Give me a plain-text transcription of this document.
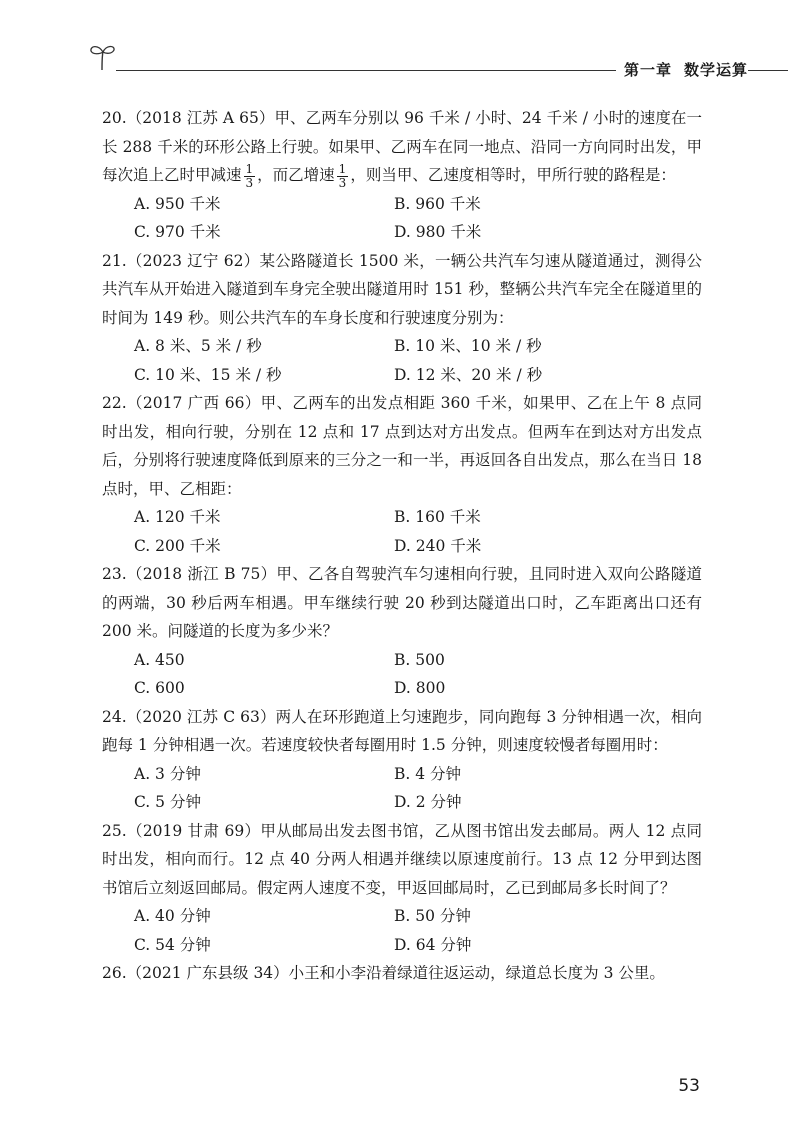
第一章 数学运算

20.（2018 江苏 A 65）甲、乙两车分别以 96 千米 / 小时、24 千米 / 小时的速度在一长 288 千米的环形公路上行驶。如果甲、乙两车在同一地点、沿同一方向同时出发，甲每次追上乙时甲减速 $\frac{1}{3}$ ，而乙增速 $\frac{1}{3}$ ，则当甲、乙速度相等时，甲所行驶的路程是：

A. 950 千米	B. 960 千米
C. 970 千米	D. 980 千米

21.（2023 辽宁 62）某公路隧道长 1500 米，一辆公共汽车匀速从隧道通过，测得公共汽车从开始进入隧道到车身完全驶出隧道用时 151 秒，整辆公共汽车完全在隧道里的时间为 149 秒。则公共汽车的车身长度和行驶速度分别为：

A. 8 米、5 米 / 秒	B. 10 米、10 米 / 秒
C. 10 米、15 米 / 秒	D. 12 米、20 米 / 秒

22.（2017 广西 66）甲、乙两车的出发点相距 360 千米，如果甲、乙在上午 8 点同时出发，相向行驶，分别在 12 点和 17 点到达对方出发点。但两车在到达对方出发点后，分别将行驶速度降低到原来的三分之一和一半，再返回各自出发点，那么在当日 18 点时，甲、乙相距：

A. 120 千米	B. 160 千米
C. 200 千米	D. 240 千米

23.（2018 浙江 B 75）甲、乙各自驾驶汽车匀速相向行驶，且同时进入双向公路隧道的两端，30 秒后两车相遇。甲车继续行驶 20 秒到达隧道出口时，乙车距离出口还有 200 米。问隧道的长度为多少米？

A. 450	B. 500
C. 600	D. 800

24.（2020 江苏 C 63）两人在环形跑道上匀速跑步，同向跑每 3 分钟相遇一次，相向跑每 1 分钟相遇一次。若速度较快者每圈用时 1.5 分钟，则速度较慢者每圈用时：

A. 3 分钟	B. 4 分钟
C. 5 分钟	D. 2 分钟

25.（2019 甘肃 69）甲从邮局出发去图书馆，乙从图书馆出发去邮局。两人 12 点同时出发，相向而行。12 点 40 分两人相遇并继续以原速度前行。13 点 12 分甲到达图书馆后立刻返回邮局。假定两人速度不变，甲返回邮局时，乙已到邮局多长时间了？

A. 40 分钟	B. 50 分钟
C. 54 分钟	D. 64 分钟

26.（2021 广东县级 34）小王和小李沿着绿道往返运动，绿道总长度为 3 公里。

53
